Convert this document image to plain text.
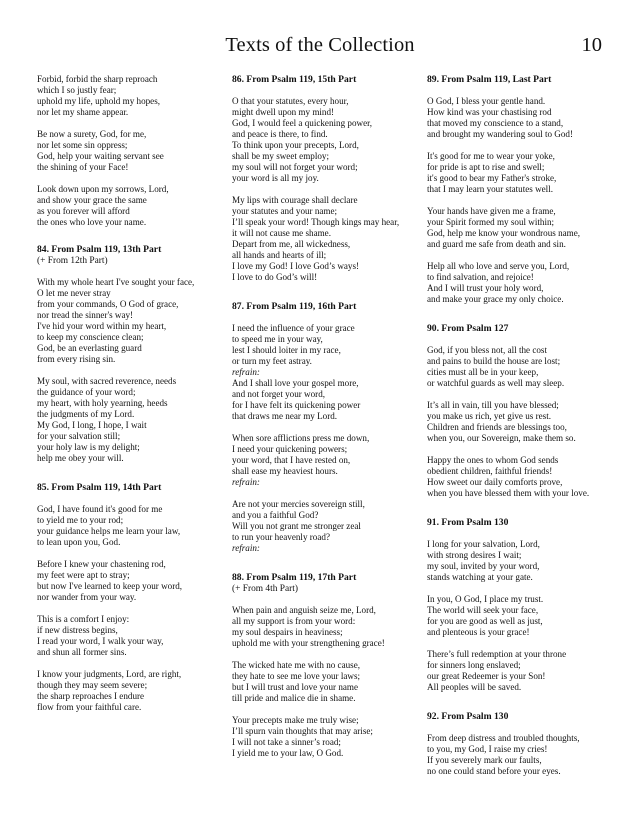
Texts of the Collection	10
Forbid, forbid the sharp reproach
which I so justly fear;
uphold my life, uphold my hopes,
nor let my shame appear.
Be now a surety, God, for me,
nor let some sin oppress;
God, help your waiting servant see
the shining of your Face!
Look down upon my sorrows, Lord,
and show your grace the same
as you forever will afford
the ones who love your name.
84. From Psalm 119, 13th Part
(+ From 12th Part)
With my whole heart I've sought your face,
O let me never stray
from your commands, O God of grace,
nor tread the sinner's way!
I've hid your word within my heart,
to keep my conscience clean;
God, be an everlasting guard
from every rising sin.
My soul, with sacred reverence, needs
the guidance of your word;
my heart, with holy yearning, heeds
the judgments of my Lord.
My God, I long, I hope, I wait
for your salvation still;
your holy law is my delight;
help me obey your will.
85. From Psalm 119, 14th Part
God, I have found it's good for me
to yield me to your rod;
your guidance helps me learn your law,
to lean upon you, God.
Before I knew your chastening rod,
my feet were apt to stray;
but now I've learned to keep your word,
nor wander from your way.
This is a comfort I enjoy:
if new distress begins,
I read your word, I walk your way,
and shun all former sins.
I know your judgments, Lord, are right,
though they may seem severe;
the sharp reproaches I endure
flow from your faithful care.
86. From Psalm 119, 15th Part
O that your statutes, every hour,
might dwell upon my mind!
God, I would feel a quickening power,
and peace is there, to find.
To think upon your precepts, Lord,
shall be my sweet employ;
my soul will not forget your word;
your word is all my joy.
My lips with courage shall declare
your statutes and your name;
I’ll speak your word! Though kings may hear,
it will not cause me shame.
Depart from me, all wickedness,
all hands and hearts of ill;
I love my God! I love God’s ways!
I love to do God’s will!
87. From Psalm 119, 16th Part
I need the influence of your grace
to speed me in your way,
lest I should loiter in my race,
or turn my feet astray.
refrain:
And I shall love your gospel more,
and not forget your word,
for I have felt its quickening power
that draws me near my Lord.
When sore afflictions press me down,
I need your quickening powers;
your word, that I have rested on,
shall ease my heaviest hours.
refrain:
Are not your mercies sovereign still,
and you a faithful God?
Will you not grant me stronger zeal
to run your heavenly road?
refrain:
88. From Psalm 119, 17th Part
(+ From 4th Part)
When pain and anguish seize me, Lord,
all my support is from your word:
my soul despairs in heaviness;
uphold me with your strengthening grace!
The wicked hate me with no cause,
they hate to see me love your laws;
but I will trust and love your name
till pride and malice die in shame.
Your precepts make me truly wise;
I’ll spurn vain thoughts that may arise;
I will not take a sinner’s road;
I yield me to your law, O God.
89. From Psalm 119, Last Part
O God, I bless your gentle hand.
How kind was your chastising rod
that moved my conscience to a stand,
and brought my wandering soul to God!
It's good for me to wear your yoke,
for pride is apt to rise and swell;
it's good to bear my Father's stroke,
that I may learn your statutes well.
Your hands have given me a frame,
your Spirit formed my soul within;
God, help me know your wondrous name,
and guard me safe from death and sin.
Help all who love and serve you, Lord,
to find salvation, and rejoice!
And I will trust your holy word,
and make your grace my only choice.
90. From Psalm 127
God, if you bless not, all the cost
and pains to build the house are lost;
cities must all be in your keep,
or watchful guards as well may sleep.
It’s all in vain, till you have blessed;
you make us rich, yet give us rest.
Children and friends are blessings too,
when you, our Sovereign, make them so.
Happy the ones to whom God sends
obedient children, faithful friends!
How sweet our daily comforts prove,
when you have blessed them with your love.
91. From Psalm 130
I long for your salvation, Lord,
with strong desires I wait;
my soul, invited by your word,
stands watching at your gate.
In you, O God, I place my trust.
The world will seek your face,
for you are good as well as just,
and plenteous is your grace!
There’s full redemption at your throne
for sinners long enslaved;
our great Redeemer is your Son!
All peoples will be saved.
92. From Psalm 130
From deep distress and troubled thoughts,
to you, my God, I raise my cries!
If you severely mark our faults,
no one could stand before your eyes.
